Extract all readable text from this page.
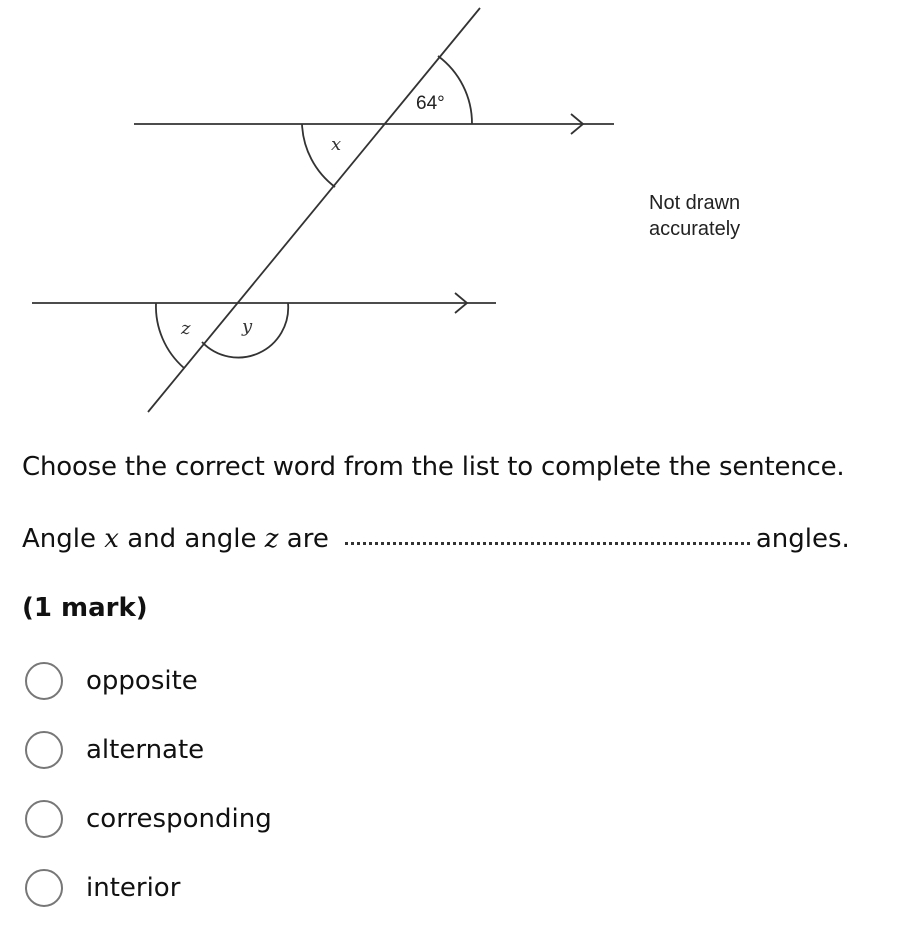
64°
x
z	y
Not drawn
accurately
Choose the correct word from the list to complete the sentence.
Angle x and angle z are	angles.
(1 mark)
opposite
alternate
corresponding
interior
